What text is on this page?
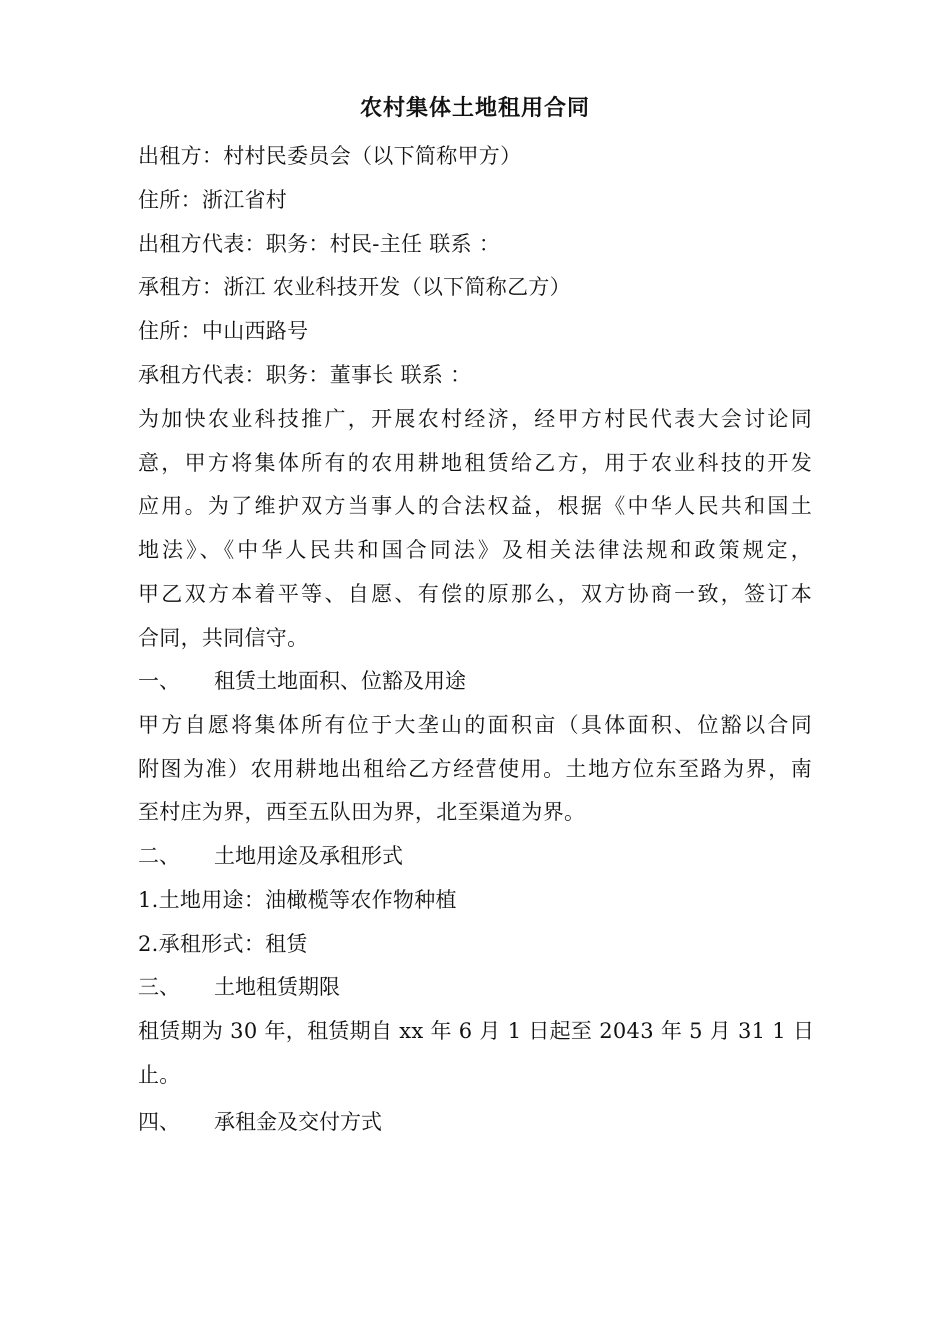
农村集体土地租用合同
出租方：村村民委员会（以下简称甲方）
住所：浙江省村
出租方代表：职务：村民-主任 联系 ：
承租方：浙江 农业科技开发（以下简称乙方）
住所：中山西路号
承租方代表：职务：董事长 联系 ：
为加快农业科技推广，开展农村经济，经甲方村民代表大会讨论同
意，甲方将集体所有的农用耕地租赁给乙方，用于农业科技的开发
应用。为了维护双方当事人的合法权益，根据《中华人民共和国土
地法》、《中华人民共和国合同法》及相关法律法规和政策规定，
甲乙双方本着平等、自愿、有偿的原那么，双方协商一致，签订本
合同，共同信守。
一、 租赁土地面积、位豁及用途
甲方自愿将集体所有位于大垄山的面积亩（具体面积、位豁以合同
附图为准）农用耕地出租给乙方经营使用。土地方位东至路为界，南
至村庄为界，西至五队田为界，北至渠道为界。
二、 土地用途及承租形式
1.土地用途：油橄榄等农作物种植
2.承租形式：租赁
三、 土地租赁期限
租赁期为 30 年，租赁期自 xx 年 6 月 1 日起至 2043 年 5 月 31 1 日
止。
四、 承租金及交付方式
